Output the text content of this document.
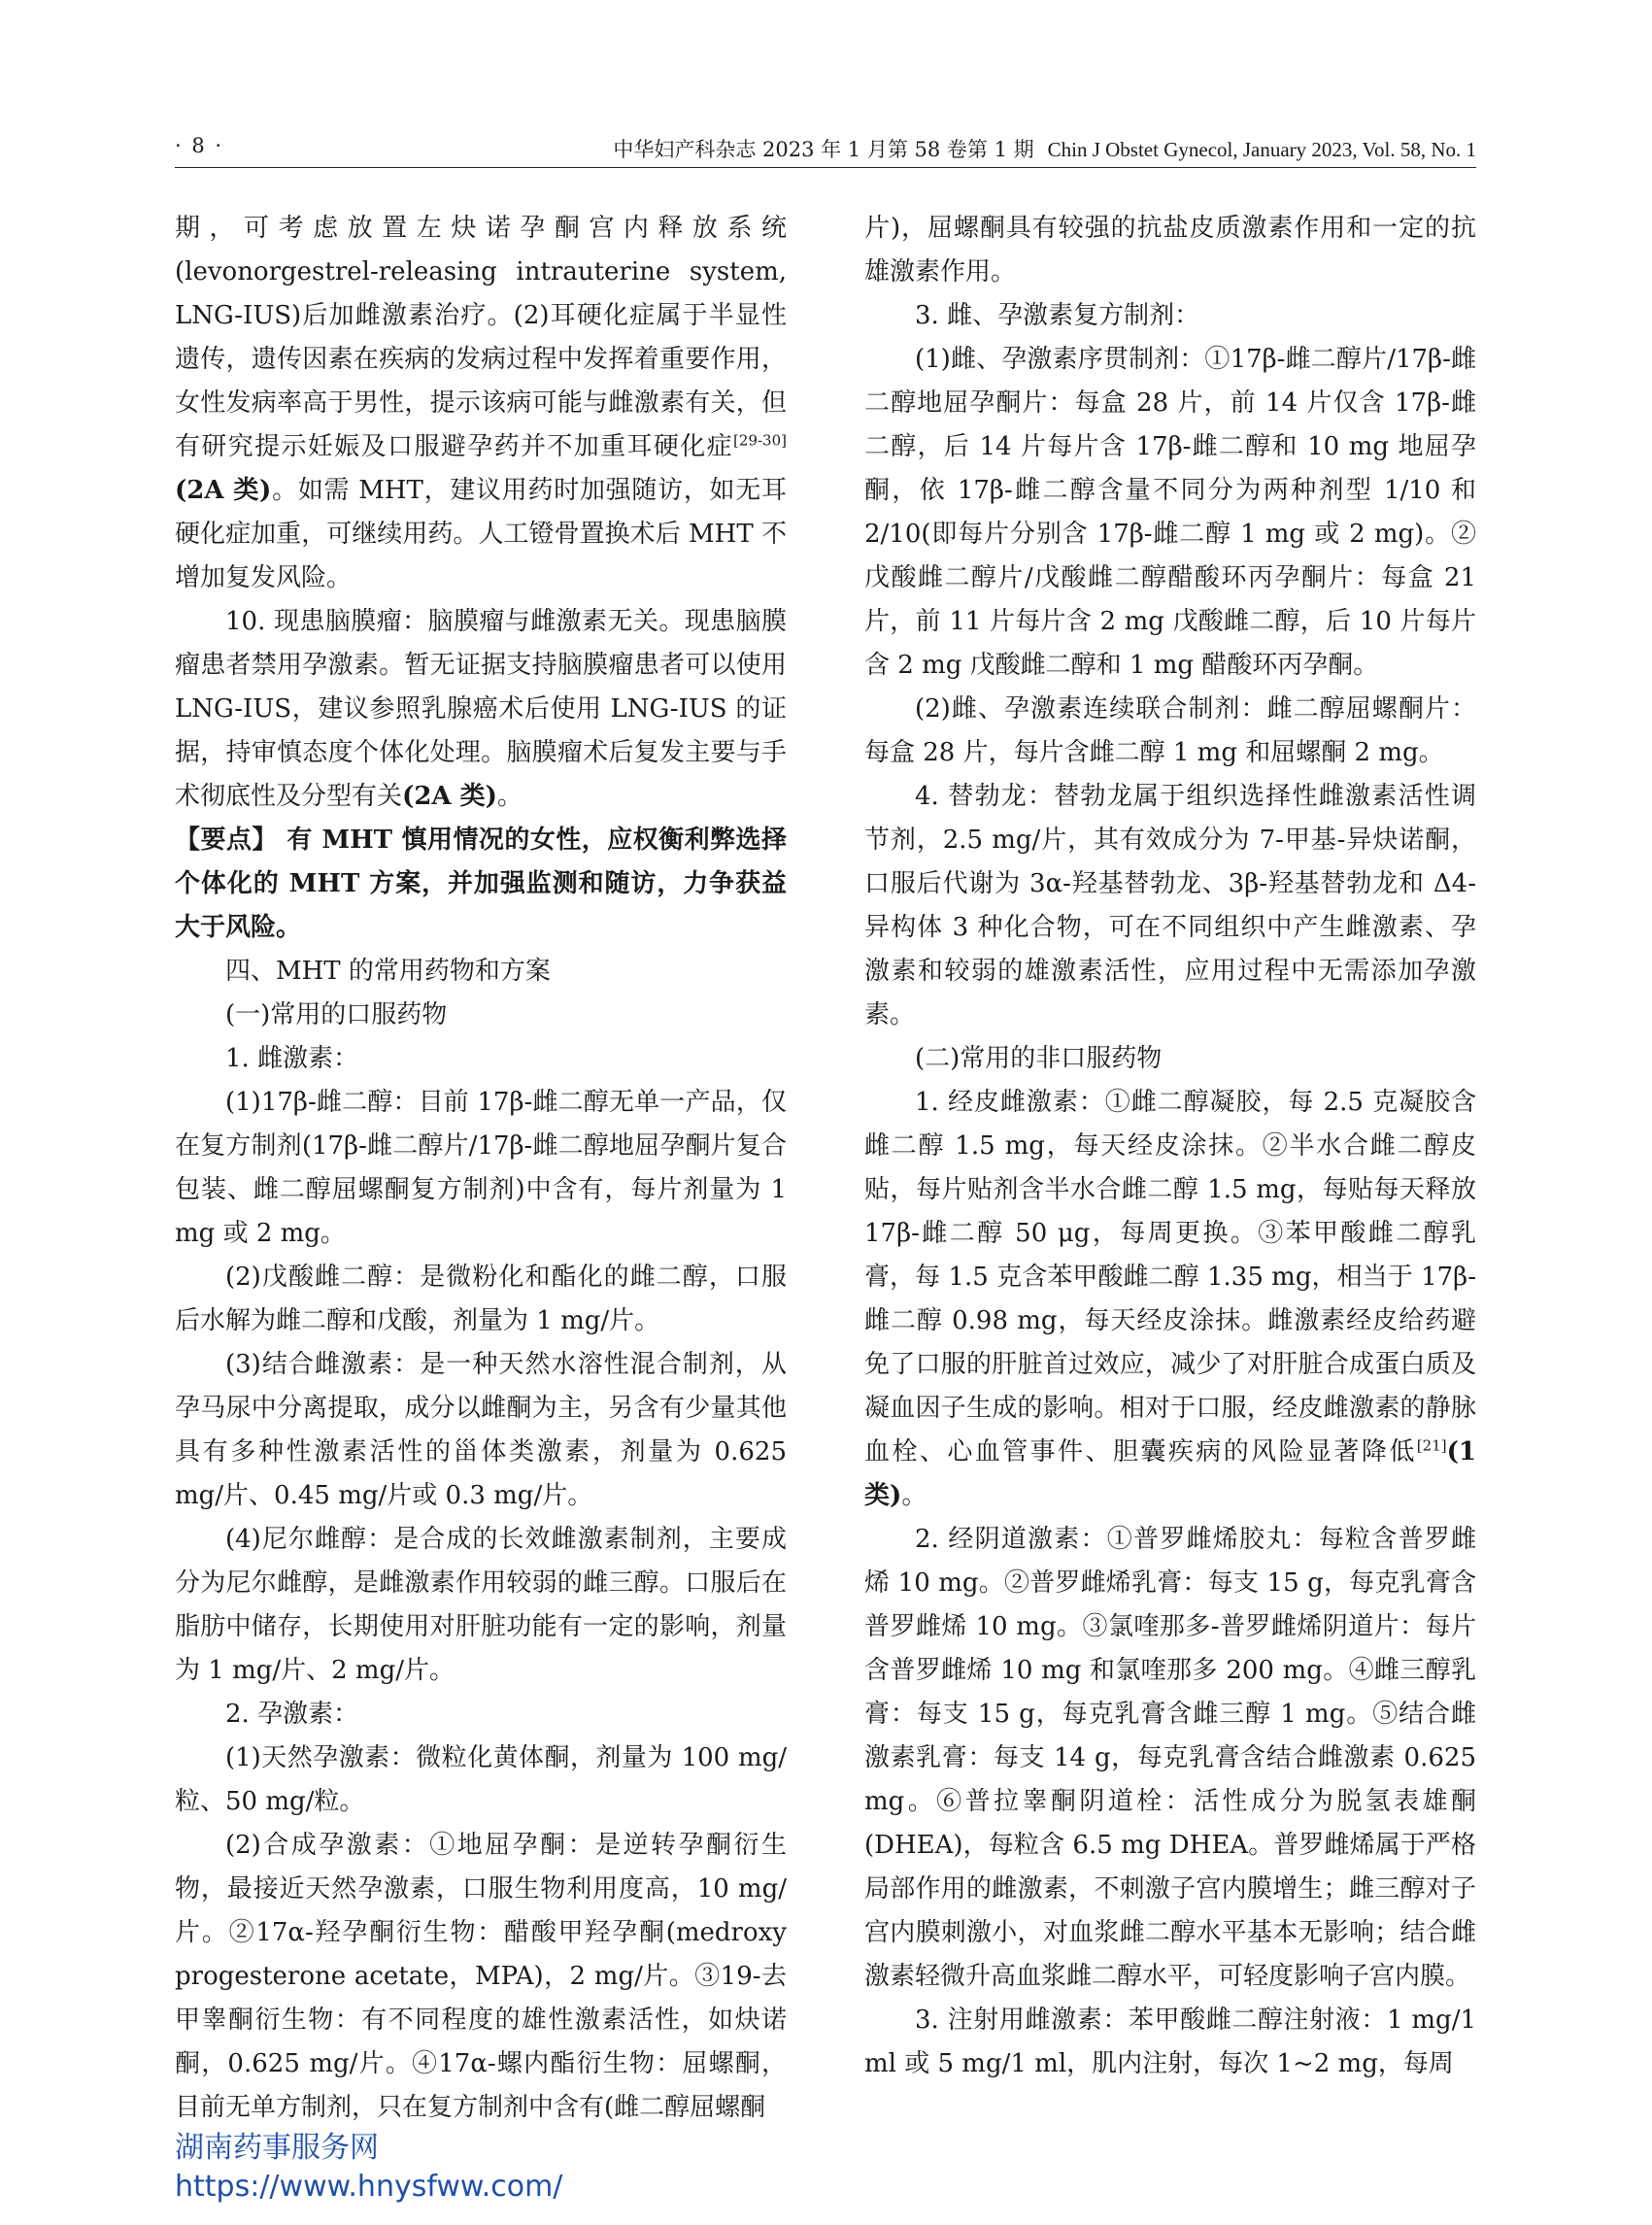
· 8 ·	中华妇产科杂志 2023 年 1 月第 58 卷第 1 期 Chin J Obstet Gynecol, January 2023, Vol. 58, No. 1

期，可考虑放置左炔诺孕酮宫内释放系统(levonorgestrel-releasing intrauterine system, LNG-IUS)后加雌激素治疗。(2)耳硬化症属于半显性遗传，遗传因素在疾病的发病过程中发挥着重要作用，女性发病率高于男性，提示该病可能与雌激素有关，但有研究提示妊娠及口服避孕药并不加重耳硬化症[29-30](2A 类)。如需 MHT，建议用药时加强随访，如无耳硬化症加重，可继续用药。人工镫骨置换术后 MHT 不增加复发风险。

10. 现患脑膜瘤：脑膜瘤与雌激素无关。现患脑膜瘤患者禁用孕激素。暂无证据支持脑膜瘤患者可以使用 LNG-IUS，建议参照乳腺癌术后使用 LNG-IUS 的证据，持审慎态度个体化处理。脑膜瘤术后复发主要与手术彻底性及分型有关(2A 类)。

【要点】 有 MHT 慎用情况的女性，应权衡利弊选择个体化的 MHT 方案，并加强监测和随访，力争获益大于风险。

四、MHT 的常用药物和方案

(一)常用的口服药物

1. 雌激素：

(1)17β-雌二醇：目前 17β-雌二醇无单一产品，仅在复方制剂(17β-雌二醇片/17β-雌二醇地屈孕酮片复合包装、雌二醇屈螺酮复方制剂)中含有，每片剂量为 1 mg 或 2 mg。

(2)戊酸雌二醇：是微粉化和酯化的雌二醇，口服后水解为雌二醇和戊酸，剂量为 1 mg/片。

(3)结合雌激素：是一种天然水溶性混合制剂，从孕马尿中分离提取，成分以雌酮为主，另含有少量其他具有多种性激素活性的甾体类激素，剂量为 0.625 mg/片、0.45 mg/片或 0.3 mg/片。

(4)尼尔雌醇：是合成的长效雌激素制剂，主要成分为尼尔雌醇，是雌激素作用较弱的雌三醇。口服后在脂肪中储存，长期使用对肝脏功能有一定的影响，剂量为 1 mg/片、2 mg/片。

2. 孕激素：

(1)天然孕激素：微粒化黄体酮，剂量为 100 mg/粒、50 mg/粒。

(2)合成孕激素：①地屈孕酮：是逆转孕酮衍生物，最接近天然孕激素，口服生物利用度高，10 mg/片。②17α-羟孕酮衍生物：醋酸甲羟孕酮(medroxy progesterone acetate，MPA)，2 mg/片。③19-去甲睾酮衍生物：有不同程度的雄性激素活性，如炔诺酮，0.625 mg/片。④17α-螺内酯衍生物：屈螺酮，目前无单方制剂，只在复方制剂中含有(雌二醇屈螺酮

片)，屈螺酮具有较强的抗盐皮质激素作用和一定的抗雄激素作用。

3. 雌、孕激素复方制剂：

(1)雌、孕激素序贯制剂：①17β-雌二醇片/17β-雌二醇地屈孕酮片：每盒 28 片，前 14 片仅含 17β-雌二醇，后 14 片每片含 17β-雌二醇和 10 mg 地屈孕酮，依 17β-雌二醇含量不同分为两种剂型 1/10 和 2/10(即每片分别含 17β-雌二醇 1 mg 或 2 mg)。②戊酸雌二醇片/戊酸雌二醇醋酸环丙孕酮片：每盒 21 片，前 11 片每片含 2 mg 戊酸雌二醇，后 10 片每片含 2 mg 戊酸雌二醇和 1 mg 醋酸环丙孕酮。

(2)雌、孕激素连续联合制剂：雌二醇屈螺酮片：每盒 28 片，每片含雌二醇 1 mg 和屈螺酮 2 mg。

4. 替勃龙：替勃龙属于组织选择性雌激素活性调节剂，2.5 mg/片，其有效成分为 7-甲基-异炔诺酮，口服后代谢为 3α-羟基替勃龙、3β-羟基替勃龙和 Δ4-异构体 3 种化合物，可在不同组织中产生雌激素、孕激素和较弱的雄激素活性，应用过程中无需添加孕激素。

(二)常用的非口服药物

1. 经皮雌激素：①雌二醇凝胶，每 2.5 克凝胶含雌二醇 1.5 mg，每天经皮涂抹。②半水合雌二醇皮贴，每片贴剂含半水合雌二醇 1.5 mg，每贴每天释放 17β-雌二醇 50 μg，每周更换。③苯甲酸雌二醇乳膏，每 1.5 克含苯甲酸雌二醇 1.35 mg，相当于 17β-雌二醇 0.98 mg，每天经皮涂抹。雌激素经皮给药避免了口服的肝脏首过效应，减少了对肝脏合成蛋白质及凝血因子生成的影响。相对于口服，经皮雌激素的静脉血栓、心血管事件、胆囊疾病的风险显著降低[21](1 类)。

2. 经阴道激素：①普罗雌烯胶丸：每粒含普罗雌烯 10 mg。②普罗雌烯乳膏：每支 15 g，每克乳膏含普罗雌烯 10 mg。③氯喹那多-普罗雌烯阴道片：每片含普罗雌烯 10 mg 和氯喹那多 200 mg。④雌三醇乳膏：每支 15 g，每克乳膏含雌三醇 1 mg。⑤结合雌激素乳膏：每支 14 g，每克乳膏含结合雌激素 0.625 mg。⑥普拉睾酮阴道栓：活性成分为脱氢表雄酮(DHEA)，每粒含 6.5 mg DHEA。普罗雌烯属于严格局部作用的雌激素，不刺激子宫内膜增生；雌三醇对子宫内膜刺激小，对血浆雌二醇水平基本无影响；结合雌激素轻微升高血浆雌二醇水平，可轻度影响子宫内膜。

3. 注射用雌激素：苯甲酸雌二醇注射液：1 mg/1 ml 或 5 mg/1 ml，肌内注射，每次 1~2 mg，每周

湖南药事服务网
https://www.hnysfww.com/
